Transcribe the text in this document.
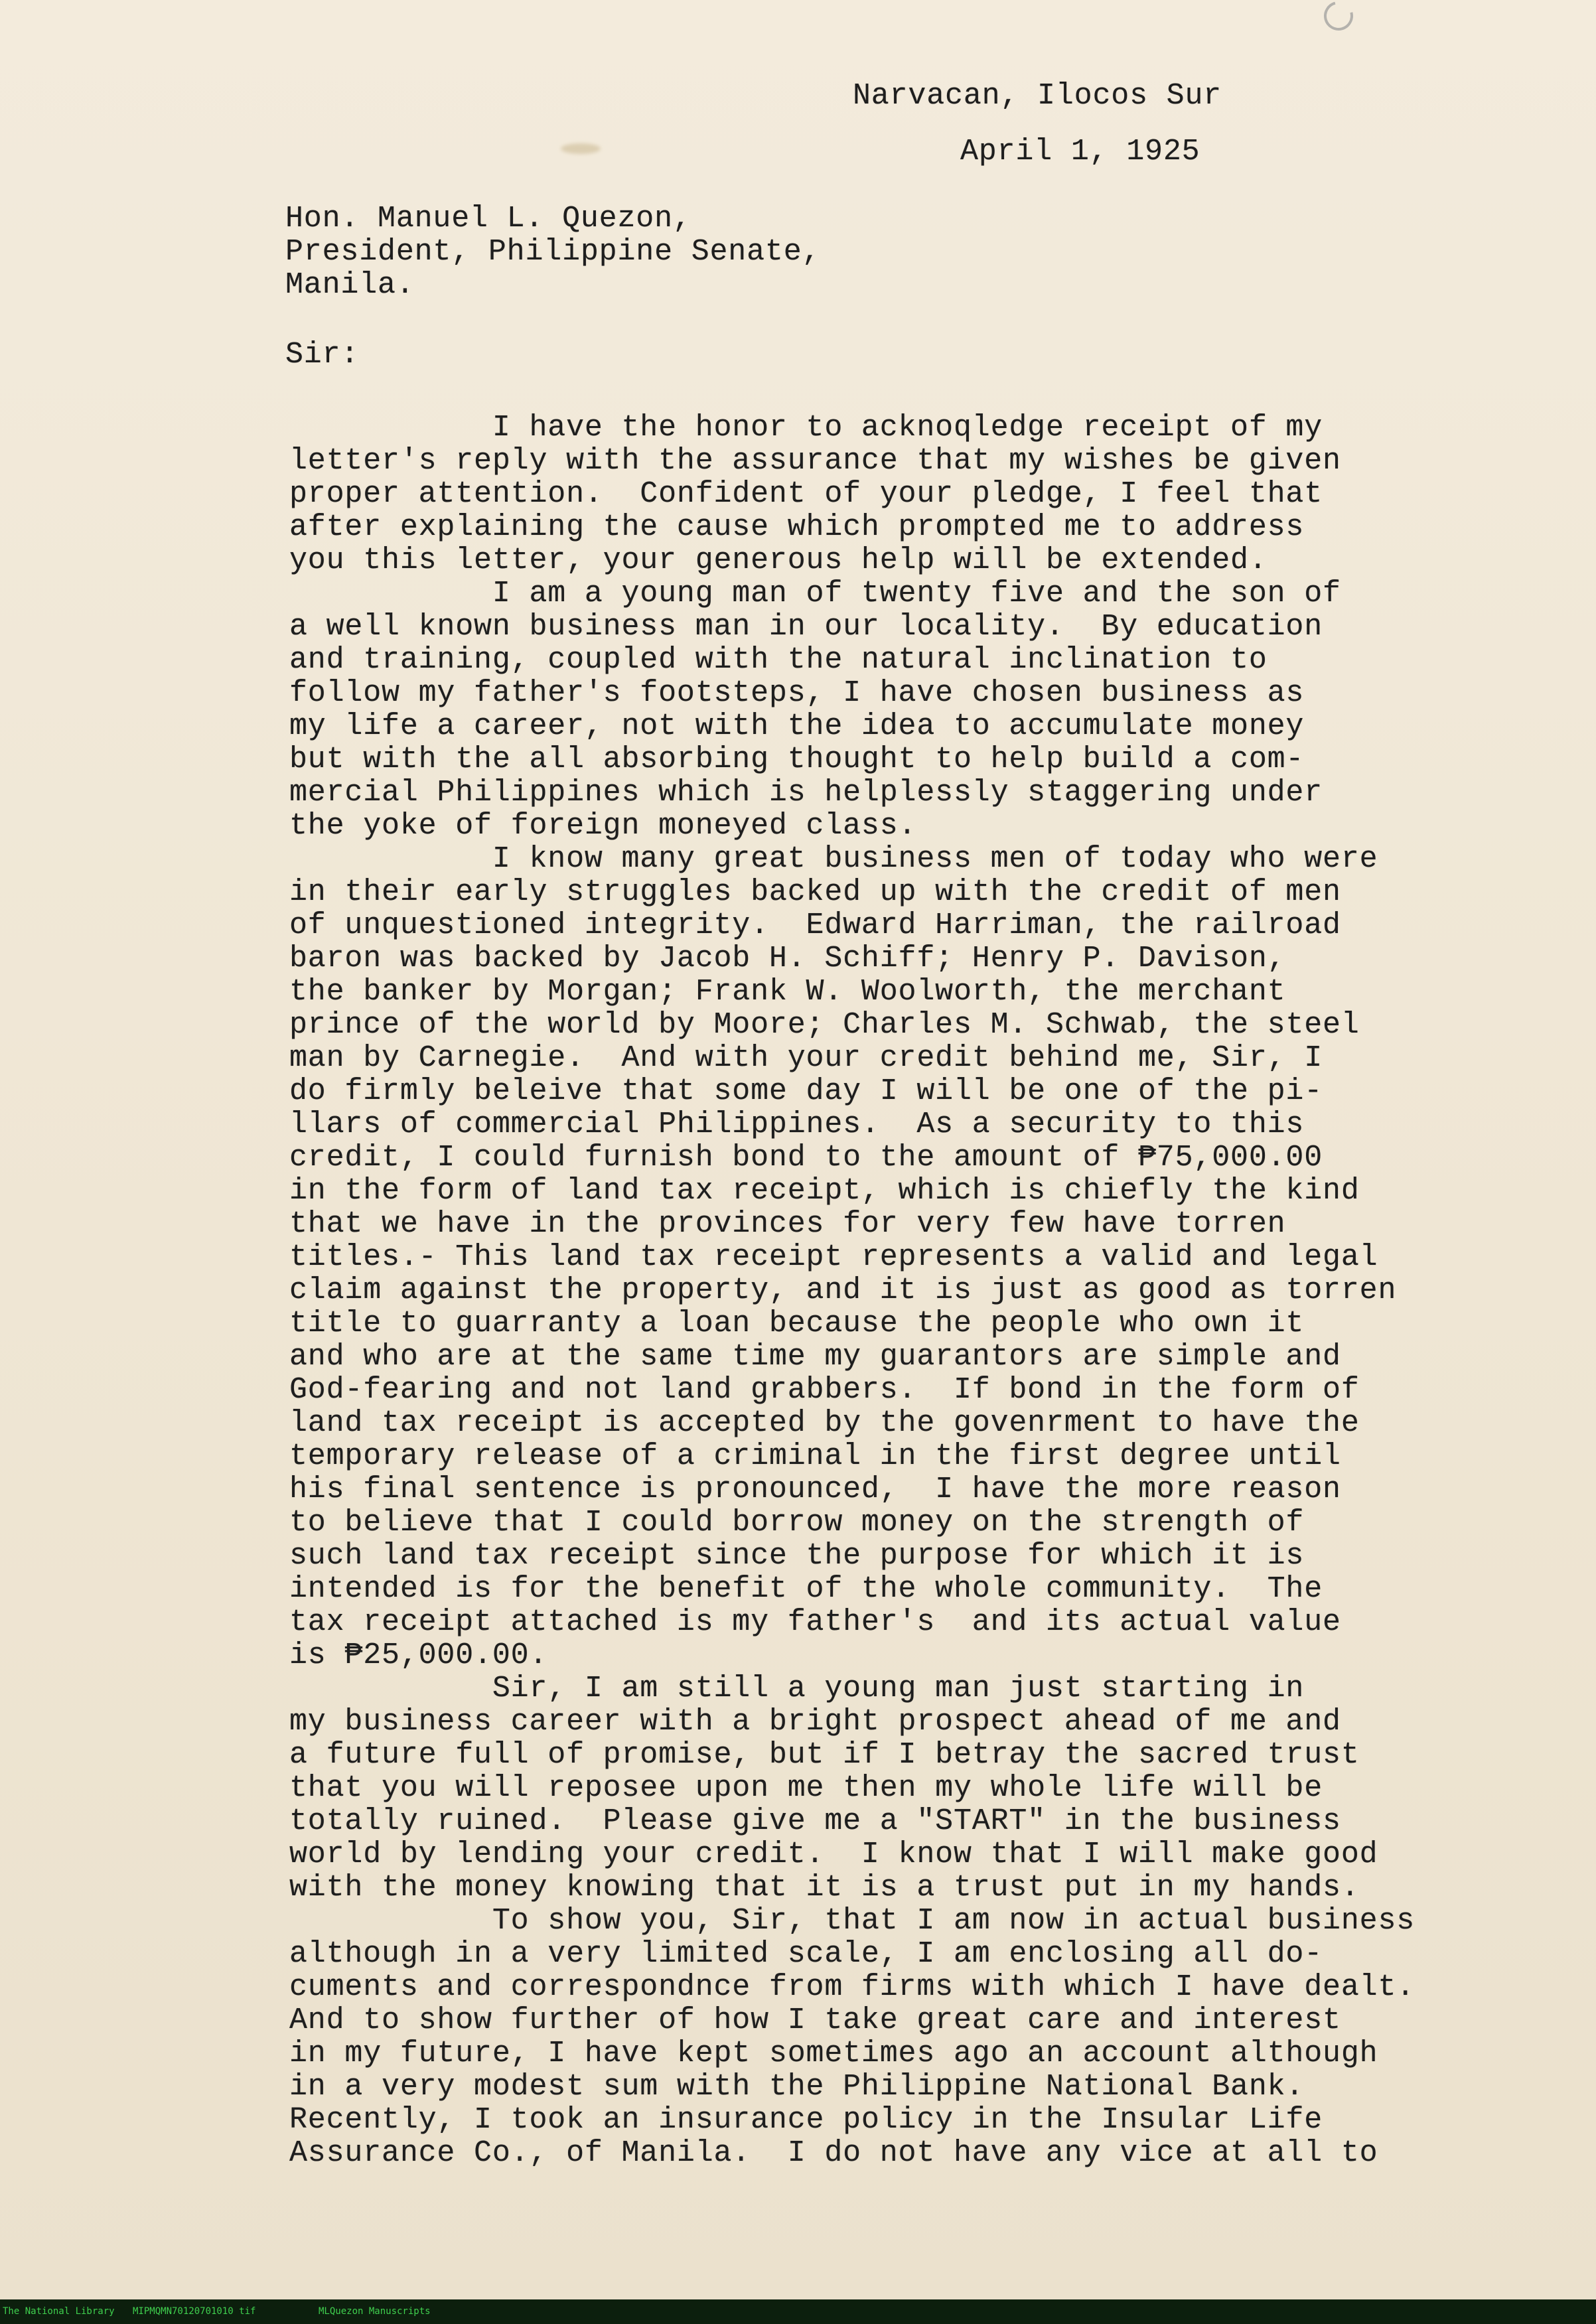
Narvacan, Ilocos Sur
April 1, 1925
Hon. Manuel L. Quezon,
President, Philippine Senate,
Manila.
Sir:
I have the honor to acknoqledge receipt of my
letter's reply with the assurance that my wishes be given
proper attention.  Confident of your pledge, I feel that
after explaining the cause which prompted me to address
you this letter, your generous help will be extended.
I am a young man of twenty five and the son of
a well known business man in our locality.  By education
and training, coupled with the natural inclination to
follow my father's footsteps, I have chosen business as
my life a career, not with the idea to accumulate money
but with the all absorbing thought to help build a com-
mercial Philippines which is helplessly staggering under
the yoke of foreign moneyed class.
I know many great business men of today who were
in their early struggles backed up with the credit of men
of unquestioned integrity.  Edward Harriman, the railroad
baron was backed by Jacob H. Schiff; Henry P. Davison,
the banker by Morgan; Frank W. Woolworth, the merchant
prince of the world by Moore; Charles M. Schwab, the steel
man by Carnegie.  And with your credit behind me, Sir, I
do firmly beleive that some day I will be one of the pi-
llars of commercial Philippines.  As a security to this
credit, I could furnish bond to the amount of ₱75,000.00
in the form of land tax receipt, which is chiefly the kind
that we have in the provinces for very few have torren
titles.- This land tax receipt represents a valid and legal
claim against the property, and it is just as good as torren
title to guarranty a loan because the people who own it
and who are at the same time my guarantors are simple and
God-fearing and not land grabbers.  If bond in the form of
land tax receipt is accepted by the govenrment to have the
temporary release of a criminal in the first degree until
his final sentence is pronounced,  I have the more reason
to believe that I could borrow money on the strength of
such land tax receipt since the purpose for which it is
intended is for the benefit of the whole community.  The
tax receipt attached is my father's  and its actual value
is ₱25,000.00.
Sir, I am still a young man just starting in
my business career with a bright prospect ahead of me and
a future full of promise, but if I betray the sacred trust
that you will reposee upon me then my whole life will be
totally ruined.  Please give me a "START" in the business
world by lending your credit.  I know that I will make good
with the money knowing that it is a trust put in my hands.
To show you, Sir, that I am now in actual business
although in a very limited scale, I am enclosing all do-
cuments and correspondnce from firms with which I have dealt.
And to show further of how I take great care and interest
in my future, I have kept sometimes ago an account although
in a very modest sum with the Philippine National Bank.
Recently, I took an insurance policy in the Insular Life
Assurance Co., of Manila.  I do not have any vice at all to
The National Library MIPMQMN70120701010 tif	MLQuezon Manuscripts
